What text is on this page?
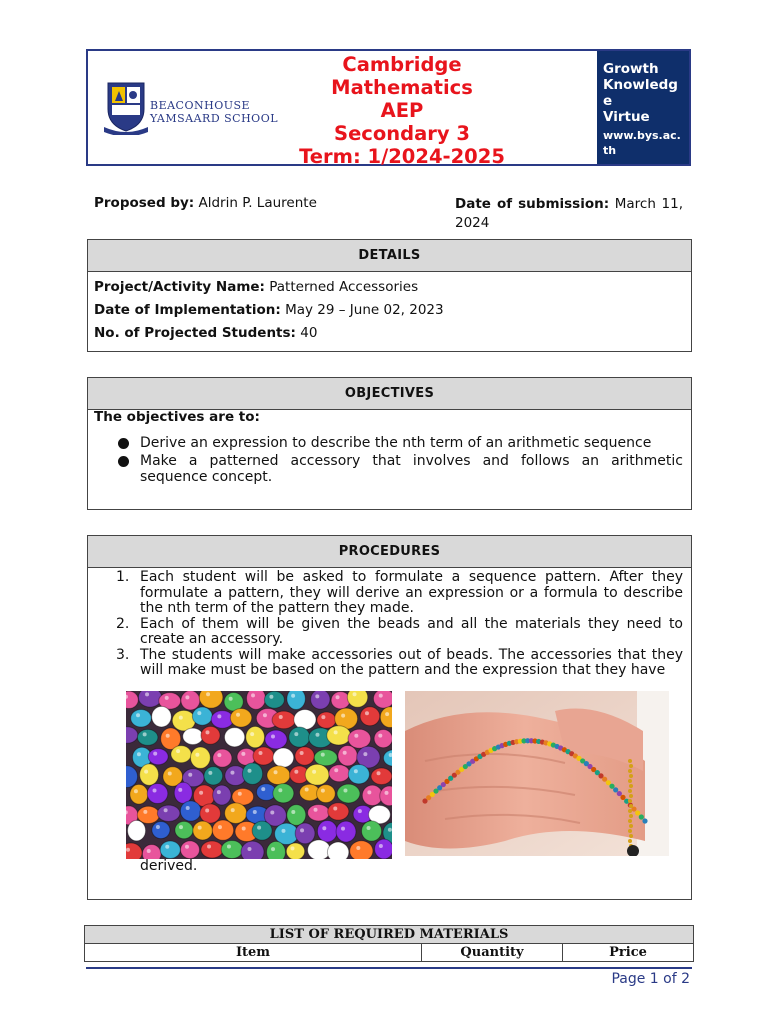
BEACONHOUSE
YAMSAARD SCHOOL
Cambridge
Mathematics
AEP
Secondary 3
Term: 1/2024-2025
Growth
Knowledge
Virtue
www.bys.ac.th
Proposed by: Aldrin P. Laurente	Date of submission: March 11, 2024
DETAILS
Project/Activity Name: Patterned Accessories
Date of Implementation: May 29 – June 02, 2023
No. of Projected Students: 40
OBJECTIVES
The objectives are to:
Derive an expression to describe the nth term of an arithmetic sequence
Make a patterned accessory that involves and follows an arithmetic sequence concept.
PROCEDURES
1. Each student will be asked to formulate a sequence pattern. After they formulate a pattern, they will derive an expression or a formula to describe the nth term of the pattern they made.
2. Each of them will be given the beads and all the materials they need to create an accessory.
3. The students will make accessories out of beads. The accessories that they will make must be based on the pattern and the expression that they have
derived.
LIST OF REQUIRED MATERIALS
Item	Quantity	Price
Page 1 of 2
